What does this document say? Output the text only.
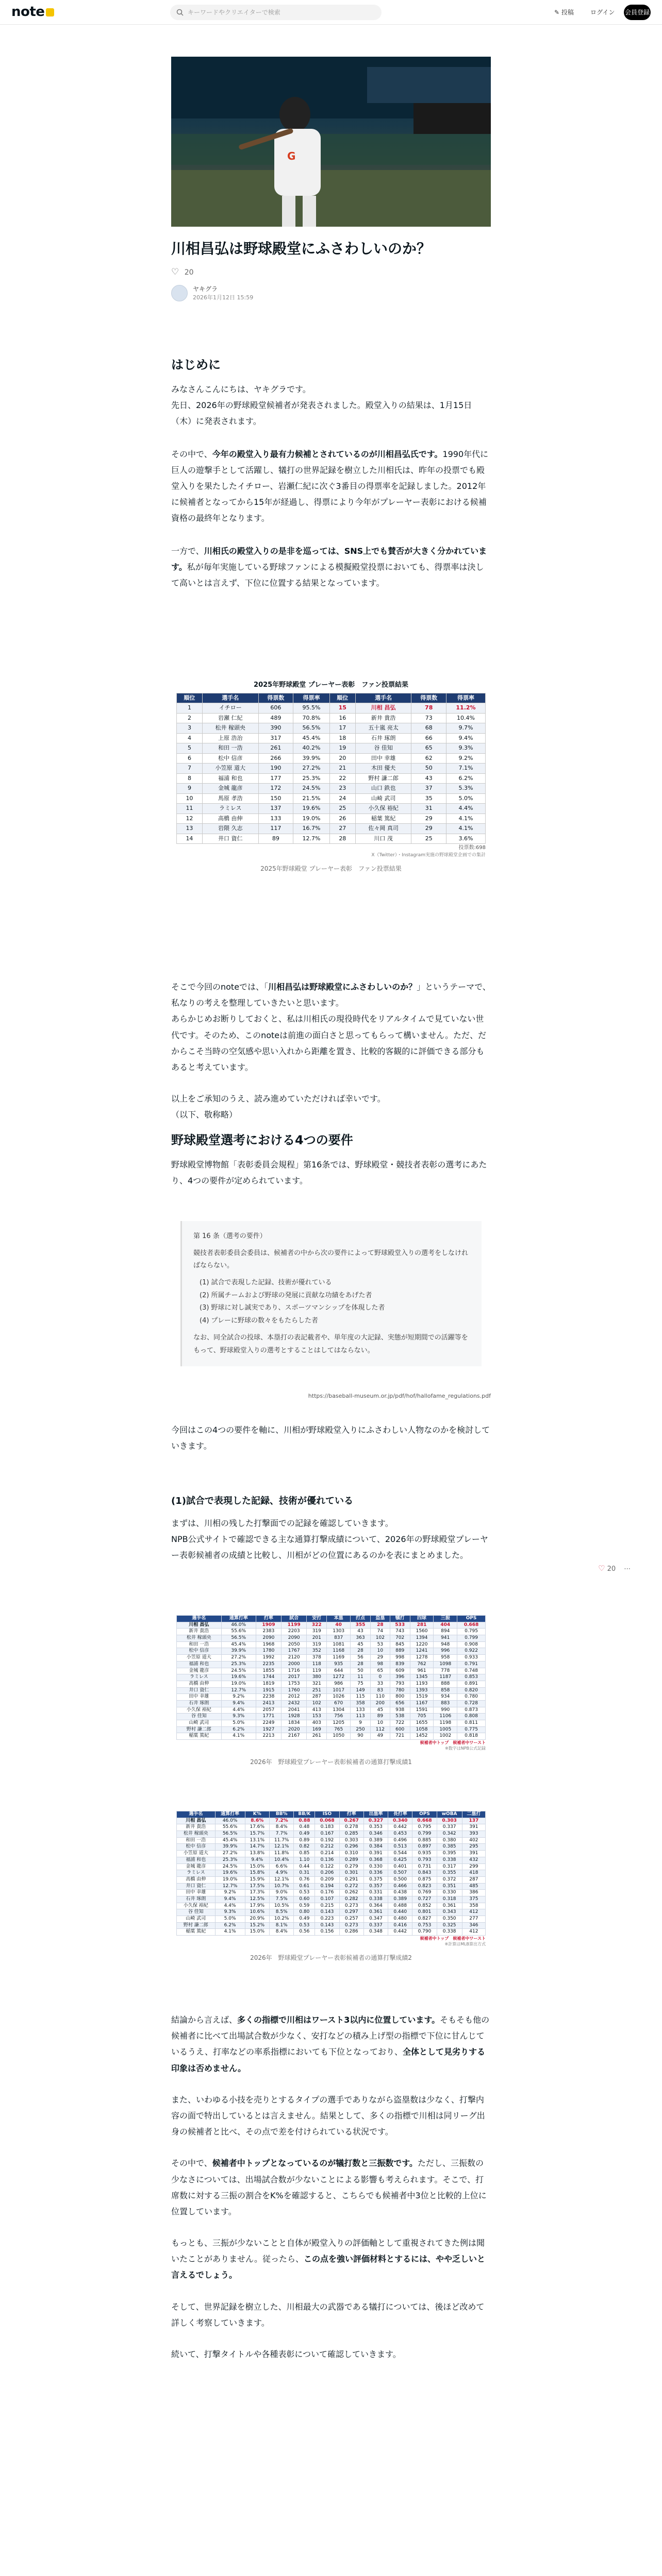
note	キーワードやクリエイターで検索	✎ 投稿	ログイン 会員登録
G
川相昌弘は野球殿堂にふさわしいのか？
♡ 20
ヤキグラ
2026年1月12日 15:59
はじめに

みなさんこんにちは、ヤキグラです。

先日、2026年の野球殿堂候補者が発表されました。殿堂入りの結果は、1月15日（木）に発表されます。

その中で、今年の殿堂入り最有力候補とされているのが川相昌弘氏です。1990年代に巨人の遊撃手として活躍し、犠打の世界記録を樹立した川相氏は、昨年の投票でも殿堂入りを果たしたイチロー、岩瀬仁紀に次ぐ3番目の得票率を記録しました。2012年に候補者となってから15年が経過し、得票により今年がプレーヤー表彰における候補資格の最終年となります。

一方で、川相氏の殿堂入りの是非を巡っては、SNS上でも賛否が大きく分かれています。私が毎年実施している野球ファンによる模擬殿堂投票においても、得票率は決して高いとは言えず、下位に位置する結果となっています。

2025年野球殿堂 プレーヤー表彰　ファン投票結果
順位	選手名	得票数	得票率	順位	選手名	得票数	得票率
1	イチロー	606	95.5%	15	川相 昌弘	78	11.2%
2	岩瀬 仁紀	489	70.8%	16	新井 貴浩	73	10.4%
3	松井 稼頭央	390	56.5%	17	五十嵐 亮太	68	9.7%
4	上原 浩治	317	45.4%	18	石井 琢朗	66	9.4%
5	和田 一浩	261	40.2%	19	谷 佳知	65	9.3%
6	松中 信彦	266	39.9%	20	田中 幸雄	62	9.2%
7	小笠原 道大	190	27.2%	21	木田 優夫	50	7.1%
8	福浦 和也	177	25.3%	22	野村 謙二郎	43	6.2%
9	金城 龍彦	172	24.5%	23	山口 鉄也	37	5.3%
10	馬原 孝浩	150	21.5%	24	山崎 武司	35	5.0%
11	ラミレス	137	19.6%	25	小久保 裕紀	31	4.4%
12	高橋 由伸	133	19.0%	26	稲葉 篤紀	29	4.1%
13	岩隈 久志	117	16.7%	27	佐々岡 真司	29	4.1%
14	井口 資仁	89	12.7%	28	川口 茂	25	3.6%
投票数:698
X（Twitter）・Instagram実施の野球殿堂企画での集計
2025年野球殿堂 プレーヤー表彰　ファン投票結果

そこで今回のnoteでは、「川相昌弘は野球殿堂にふさわしいのか？」というテーマで、私なりの考えを整理していきたいと思います。

あらかじめお断りしておくと、私は川相氏の現役時代をリアルタイムで見ていない世代です。そのため、このnoteは前進の面白さと思ってもらって構いません。ただ、だからこそ当時の空気感や思い入れから距離を置き、比較的客観的に評価できる部分もあると考えています。

以上をご承知のうえ、読み進めていただければ幸いです。

（以下、敬称略）

野球殿堂選考における4つの要件

野球殿堂博物館「表彰委員会規程」第16条では、野球殿堂・競技者表彰の選考にあたり、4つの要件が定められています。

第 16 条（選考の要件）
競技者表彰委員会委員は、候補者の中から次の要件によって野球殿堂入りの選考をしなければならない。
(1) 試合で表現した記録、技術が優れている
(2) 所属チームおよび野球の発展に貢献な功績をあげた者
(3) 野球に対し誠実であり、スポーツマンシップを体現した者
(4) プレーに野球の数々をもたらした者
なお、同全試合の投球、本塁打の表記載者や、単年度の大記録、実態が短期間での活躍等をもって、野球殿堂入りの選考とすることはしてはならない。
https://baseball-museum.or.jp/pdf/hof/hallofame_regulations.pdf

今回はこの4つの要件を軸に、川相が野球殿堂入りにふさわしい人物なのかを検討していきます。

(1)試合で表現した記録、技術が優れている

まずは、川相の残した打撃面での記録を確認していきます。

NPB公式サイトで確認できる主な通算打撃成績について、2026年の野球殿堂プレーヤー表彰候補者の成績と比較し、川相がどの位置にあるのかを表にまとめました。

選手名	通算打率	打率	試合	安打	本塁	打点	盗塁	犠打	四球	三振	OPS
川相 昌弘	46.0%	1909	1199	322	40	355	28	533	281	404	0.668
新井 貴浩	55.6%	2383	2203	319	1303	43	74	743	1560	894	0.795
松井 稼頭央	56.5%	2090	2090	201	837	363	102	702	1394	941	0.799
和田 一浩	45.4%	1968	2050	319	1081	45	53	845	1220	948	0.908
松中 信彦	39.9%	1780	1767	352	1168	28	10	889	1241	996	0.922
小笠原 道大	27.2%	1992	2120	378	1169	56	29	998	1278	958	0.933
福浦 和也	25.3%	2235	2000	118	935	28	98	839	762	1098	0.791
金城 龍彦	24.5%	1855	1716	119	644	50	65	609	961	778	0.748
ラミレス	19.6%	1744	2017	380	1272	11	0	396	1345	1187	0.853
高橋 由伸	19.0%	1819	1753	321	986	75	33	793	1193	888	0.891
井口 資仁	12.7%	1915	1760	251	1017	149	83	780	1393	858	0.820
田中 幸雄	9.2%	2238	2012	287	1026	115	110	800	1519	934	0.780
石井 琢朗	9.4%	2413	2432	102	670	358	200	656	1167	883	0.728
小久保 裕紀	4.4%	2057	2041	413	1304	133	45	938	1591	990	0.873
谷 佳知	9.3%	1771	1928	153	756	113	89	538	705	1106	0.808
山崎 武司	5.0%	2249	1834	403	1205	9	10	722	1655	1198	0.811
野村 謙二郎	6.2%	1927	2020	169	765	250	112	600	1058	1005	0.775
稲葉 篤紀	4.1%	2213	2167	261	1050	90	49	721	1452	1002	0.818
候補者中トップ　候補者中ワースト
※数字はNPB公式記録
2026年　野球殿堂プレーヤー表彰候補者の通算打撃成績1
選手名	通算打率	K%	BB%	BB/K	ISO	打率	出塁率	長打率	OPS	wOBA	二塁打
川相 昌弘	46.0%	8.6%	7.2%	0.88	0.068	0.267	0.327	0.340	0.668	0.303	137
新井 貴浩	55.6%	17.6%	8.4%	0.48	0.183	0.278	0.353	0.442	0.795	0.337	391
松井 稼頭央	56.5%	15.7%	7.7%	0.49	0.167	0.285	0.346	0.453	0.799	0.342	393
和田 一浩	45.4%	13.1%	11.7%	0.89	0.192	0.303	0.389	0.496	0.885	0.380	402
松中 信彦	39.9%	14.7%	12.1%	0.82	0.212	0.296	0.384	0.513	0.897	0.385	295
小笠原 道大	27.2%	13.8%	11.8%	0.85	0.214	0.310	0.391	0.544	0.935	0.395	391
福浦 和也	25.3%	9.4%	10.4%	1.10	0.136	0.289	0.368	0.425	0.793	0.338	432
金城 龍彦	24.5%	15.0%	6.6%	0.44	0.122	0.279	0.330	0.401	0.731	0.317	299
ラミレス	19.6%	15.8%	4.9%	0.31	0.206	0.301	0.336	0.507	0.843	0.355	418
高橋 由伸	19.0%	15.9%	12.1%	0.76	0.209	0.291	0.375	0.500	0.875	0.372	287
井口 資仁	12.7%	17.5%	10.7%	0.61	0.194	0.272	0.357	0.466	0.823	0.351	485
田中 幸雄	9.2%	17.3%	9.0%	0.53	0.176	0.262	0.331	0.438	0.769	0.330	386
石井 琢朗	9.4%	12.5%	7.5%	0.60	0.107	0.282	0.338	0.389	0.727	0.318	375
小久保 裕紀	4.4%	17.9%	10.5%	0.59	0.215	0.273	0.364	0.488	0.852	0.361	358
谷 佳知	9.3%	10.6%	8.5%	0.80	0.143	0.297	0.361	0.440	0.801	0.343	412
山崎 武司	5.0%	20.9%	10.2%	0.49	0.223	0.257	0.347	0.480	0.827	0.350	277
野村 謙二郎	6.2%	15.2%	8.1%	0.53	0.143	0.273	0.337	0.416	0.753	0.325	346
稲葉 篤紀	4.1%	15.0%	8.4%	0.56	0.156	0.286	0.348	0.442	0.790	0.338	412
候補者中トップ　候補者中ワースト
※計算はMLB算出方式
2026年　野球殿堂プレーヤー表彰候補者の通算打撃成績2

結論から言えば、多くの指標で川相はワースト3以内に位置しています。そもそも他の候補者に比べて出場試合数が少なく、安打などの積み上げ型の指標で下位に甘んじているうえ、打率などの率系指標においても下位となっており、全体として見劣りする印象は否めません。

また、いわゆる小技を売りとするタイプの選手でありながら盗塁数は少なく、打撃内容の面で特出しているとは言えません。結果として、多くの指標で川相は同リーグ出身の候補者と比べ、その点で差を付けられている状況です。

その中で、候補者中トップとなっているのが犠打数と三振数です。ただし、三振数の少なさについては、出場試合数が少ないことによる影響も考えられます。そこで、打席数に対する三振の割合をK%を確認すると、こちらでも候補者中3位と比較的上位に位置しています。

もっとも、三振が少ないことと自体が殿堂入りの評価軸として重視されてきた例は聞いたことがありません。従ったら、この点を強い評価材料とするには、やや乏しいと言えるでしょう。

そして、世界記録を樹立した、川相最大の武器である犠打については、後ほど改めて詳しく考察していきます。

続いて、打撃タイトルや各種表彰について確認していきます。

♡ 20 ⋯
